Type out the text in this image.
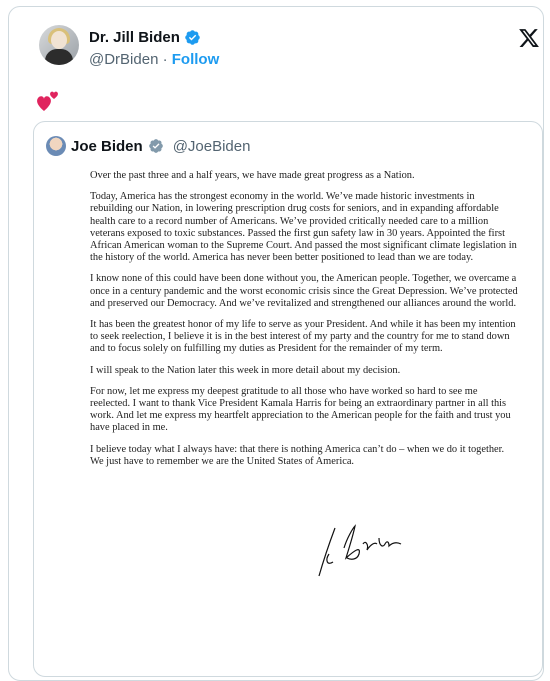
Dr. Jill Biden
@DrBiden · Follow
Joe Biden @JoeBiden

Over the past three and a half years, we have made great progress as a Nation.

Today, America has the strongest economy in the world. We’ve made historic investments in rebuilding our Nation, in lowering prescription drug costs for seniors, and in expanding affordable health care to a record number of Americans. We’ve provided critically needed care to a million veterans exposed to toxic substances. Passed the first gun safety law in 30 years. Appointed the first African American woman to the Supreme Court. And passed the most significant climate legislation in the history of the world. America has never been better positioned to lead than we are today.

I know none of this could have been done without you, the American people. Together, we overcame a once in a century pandemic and the worst economic crisis since the Great Depression. We’ve protected and preserved our Democracy. And we’ve revitalized and strengthened our alliances around the world.

It has been the greatest honor of my life to serve as your President. And while it has been my intention to seek reelection, I believe it is in the best interest of my party and the country for me to stand down and to focus solely on fulfilling my duties as President for the remainder of my term.

I will speak to the Nation later this week in more detail about my decision.

For now, let me express my deepest gratitude to all those who have worked so hard to see me reelected. I want to thank Vice President Kamala Harris for being an extraordinary partner in all this work. And let me express my heartfelt appreciation to the American people for the faith and trust you have placed in me.

I believe today what I always have: that there is nothing America can’t do – when we do it together. We just have to remember we are the United States of America.
